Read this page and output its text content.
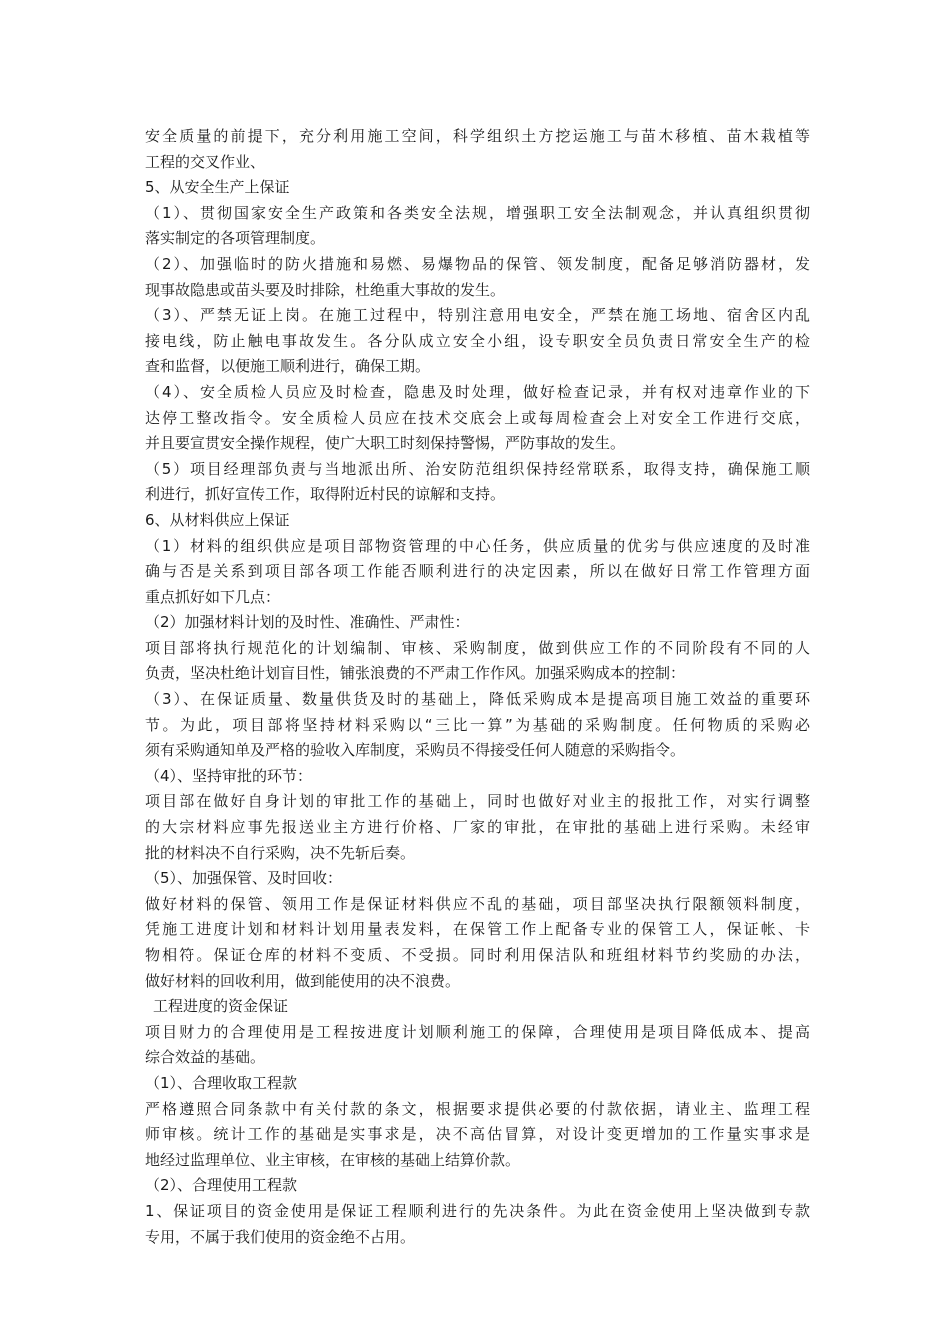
安全质量的前提下，充分利用施工空间，科学组织土方挖运施工与苗木移植、苗木栽植等
工程的交叉作业、
5、从安全生产上保证
（1）、贯彻国家安全生产政策和各类安全法规，增强职工安全法制观念，并认真组织贯彻
落实制定的各项管理制度。
（2）、加强临时的防火措施和易燃、易爆物品的保管、领发制度，配备足够消防器材，发
现事故隐患或苗头要及时排除，杜绝重大事故的发生。
（3）、严禁无证上岗。在施工过程中，特别注意用电安全，严禁在施工场地、宿舍区内乱
接电线，防止触电事故发生。各分队成立安全小组，设专职安全员负责日常安全生产的检
查和监督，以便施工顺利进行，确保工期。
（4）、安全质检人员应及时检查，隐患及时处理，做好检查记录，并有权对违章作业的下
达停工整改指令。安全质检人员应在技术交底会上或每周检查会上对安全工作进行交底，
并且要宣贯安全操作规程，使广大职工时刻保持警惕，严防事故的发生。
（5）项目经理部负责与当地派出所、治安防范组织保持经常联系，取得支持，确保施工顺
利进行，抓好宣传工作，取得附近村民的谅解和支持。
6、从材料供应上保证
（1）材料的组织供应是项目部物资管理的中心任务，供应质量的优劣与供应速度的及时准
确与否是关系到项目部各项工作能否顺利进行的决定因素，所以在做好日常工作管理方面
重点抓好如下几点：
（2）加强材料计划的及时性、准确性、严肃性：
项目部将执行规范化的计划编制、审核、采购制度，做到供应工作的不同阶段有不同的人
负责，坚决杜绝计划盲目性，铺张浪费的不严肃工作作风。加强采购成本的控制：
（3）、在保证质量、数量供货及时的基础上，降低采购成本是提高项目施工效益的重要环
节。为此，项目部将坚持材料采购以“三比一算”为基础的采购制度。任何物质的采购必
须有采购通知单及严格的验收入库制度，采购员不得接受任何人随意的采购指令。
（4）、坚持审批的环节：
项目部在做好自身计划的审批工作的基础上，同时也做好对业主的报批工作，对实行调整
的大宗材料应事先报送业主方进行价格、厂家的审批，在审批的基础上进行采购。未经审
批的材料决不自行采购，决不先斩后奏。
（5）、加强保管、及时回收：
做好材料的保管、领用工作是保证材料供应不乱的基础，项目部坚决执行限额领料制度，
凭施工进度计划和材料计划用量表发料，在保管工作上配备专业的保管工人，保证帐、卡
物相符。保证仓库的材料不变质、不受损。同时利用保洁队和班组材料节约奖励的办法，
做好材料的回收利用，做到能使用的决不浪费。
工程进度的资金保证
项目财力的合理使用是工程按进度计划顺利施工的保障，合理使用是项目降低成本、提高
综合效益的基础。
（1）、合理收取工程款
严格遵照合同条款中有关付款的条文，根据要求提供必要的付款依据，请业主、监理工程
师审核。统计工作的基础是实事求是，决不高估冒算，对设计变更增加的工作量实事求是
地经过监理单位、业主审核，在审核的基础上结算价款。
（2）、合理使用工程款
1、保证项目的资金使用是保证工程顺利进行的先决条件。为此在资金使用上坚决做到专款
专用，不属于我们使用的资金绝不占用。
